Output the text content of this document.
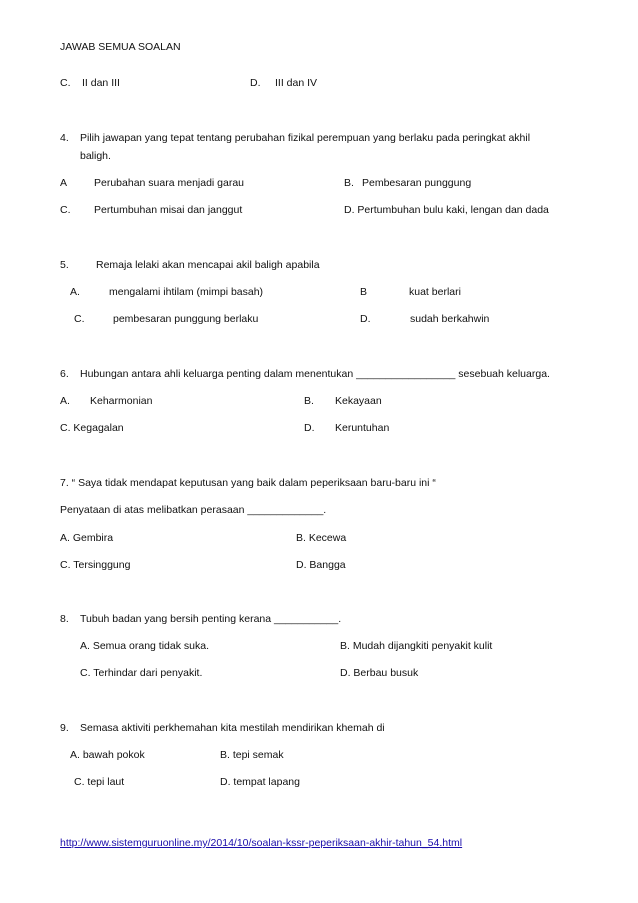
JAWAB SEMUA SOALAN
C. II dan III	D. III dan IV
4. Pilih jawapan yang tepat tentang perubahan fizikal perempuan yang berlaku pada peringkat akhil
baligh.
A	Perubahan suara menjadi garau	B. Pembesaran punggung
C. Pertumbuhan misai dan janggut	D. Pertumbuhan bulu kaki, lengan dan dada
5.	Remaja lelaki akan mencapai akil baligh apabila
A.	mengalami ihtilam (mimpi basah)	B	kuat berlari
C.	pembesaran punggung berlaku	D.	sudah berkahwin
6. Hubungan antara ahli keluarga penting dalam menentukan _________________ sesebuah keluarga.
A. Keharmonian	B. Kekayaan
C. Kegagalan	D. Keruntuhan
7. “ Saya tidak mendapat keputusan yang baik dalam peperiksaan baru-baru ini “
Penyataan di atas melibatkan perasaan _____________.
A. Gembira	B. Kecewa
C. Tersinggung	D. Bangga
8. Tubuh badan yang bersih penting kerana ___________.
A. Semua orang tidak suka.	B. Mudah dijangkiti penyakit kulit
C. Terhindar dari penyakit.	D. Berbau busuk
9. Semasa aktiviti perkhemahan kita mestilah mendirikan khemah di
A. bawah pokok	B. tepi semak
C. tepi laut	D. tempat lapang
http://www.sistemguruonline.my/2014/10/soalan-kssr-peperiksaan-akhir-tahun_54.html
